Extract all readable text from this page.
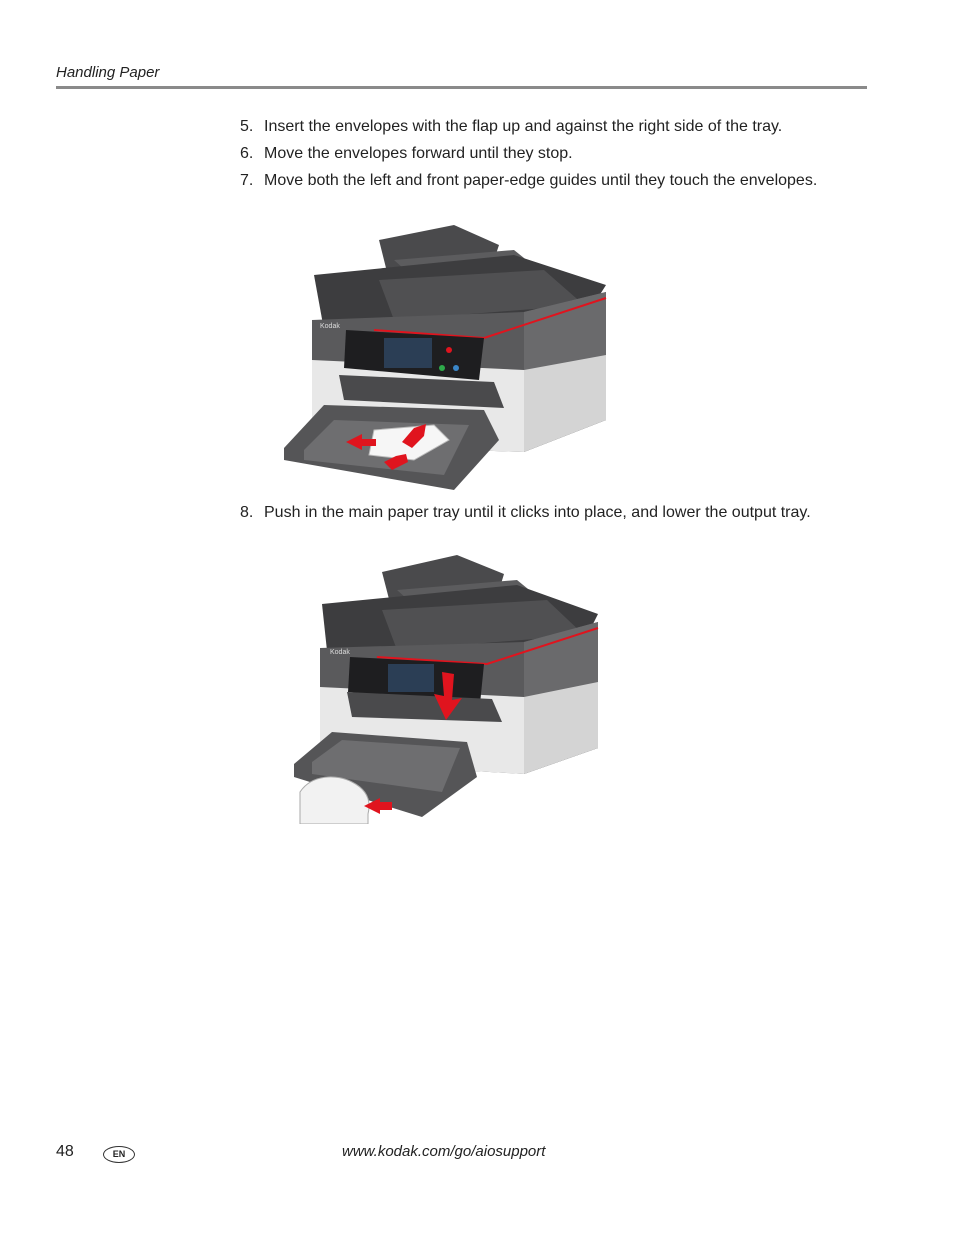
Handling Paper
5. Insert the envelopes with the flap up and against the right side of the tray.
6. Move the envelopes forward until they stop.
7. Move both the left and front paper-edge guides until they touch the envelopes.
8. Push in the main paper tray until it clicks into place, and lower the output tray.
Kodak
Kodak
48	EN	www.kodak.com/go/aiosupport
